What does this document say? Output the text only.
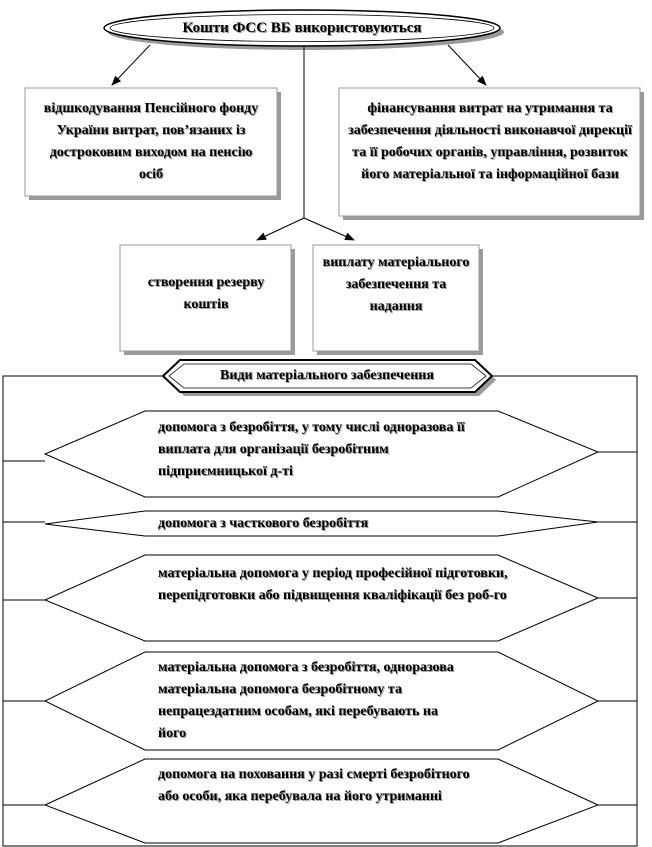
Кошти ФСС ВБ використовуються
відшкодування Пенсійного фонду України витрат, пов’язаних із достроковим виходом на пенсію осіб
фінансування витрат на утримання та забезпечення діяльності виконавчої дирекції та її робочих органів, управління, розвиток його матеріальної та інформаційної бази
створення резерву коштів
виплату матеріального забезпечення та надання
Види матеріального забезпечення
допомога з безробіття, у тому числі одноразова її виплата для організації безробітним підприємницької д-ті
допомога з часткового безробіття
матеріальна допомога у період професійної підготовки, перепідготовки або підвищення кваліфікації без роб-го
матеріальна допомога з безробіття, одноразова матеріальна допомога безробітному та непрацездатним особам, які перебувають на його
допомога на поховання у разі смерті безробітного або особи, яка перебувала на його утриманні
